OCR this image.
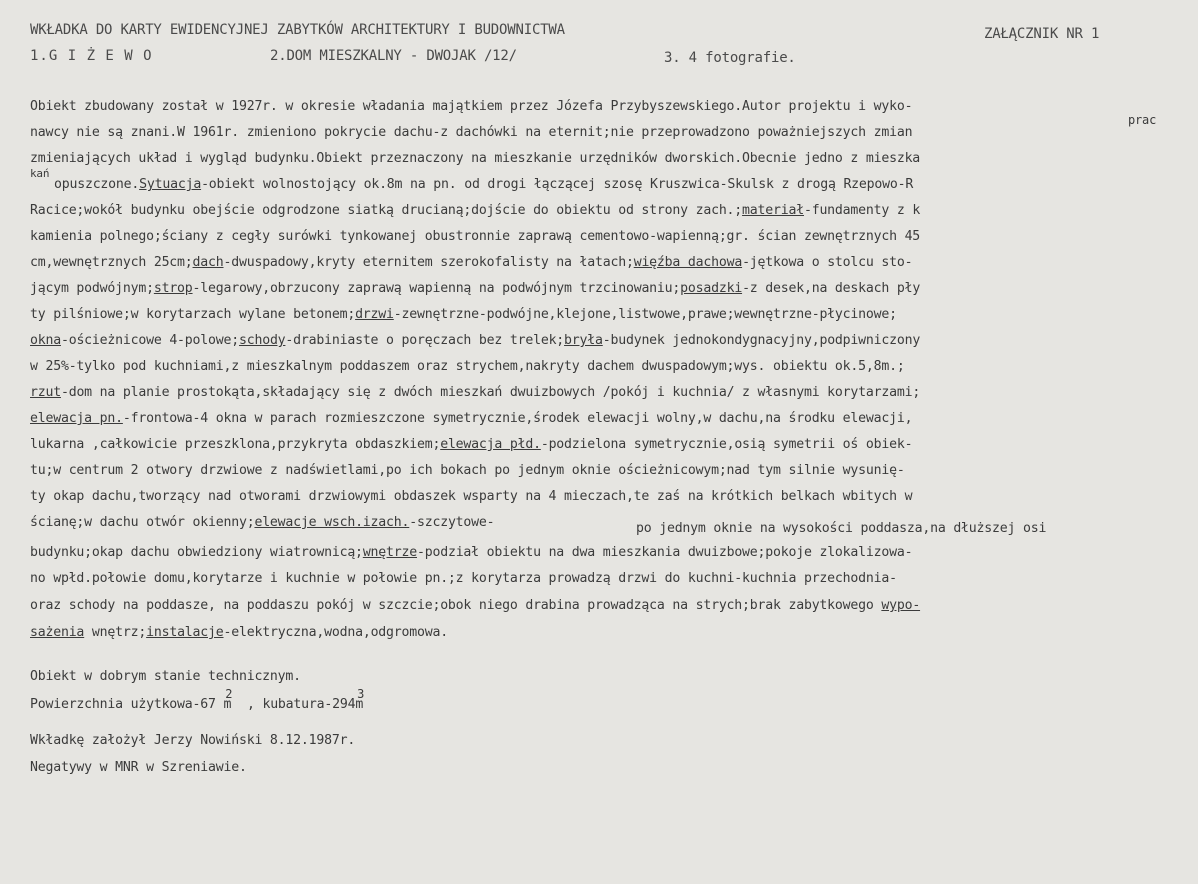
WKŁADKA DO KARTY EWIDENCYJNEJ ZABYTKÓW ARCHITEKTURY I BUDOWNICTWA	ZAŁĄCZNIK NR 1
1.G I Ż E W O	2.DOM MIESZKALNY - DWOJAK /12/	3. 4 fotografie.
Obiekt zbudowany został w 1927r. w okresie władania majątkiem przez Józefa Przybyszewskiego.Autor projektu i wyko-
nawcy nie są znani.W 1961r. zmieniono pokrycie dachu-z dachówki na eternit;nie przeprowadzono poważniejszych zmian
prac
zmieniających układ i wygląd budynku.Obiekt przeznaczony na mieszkanie urzędników dworskich.Obecnie jedno z mieszka
kań
opuszczone.Sytuacja-obiekt wolnostojący ok.8m na pn. od drogi łączącej szosę Kruszwica-Skulsk z drogą Rzepowo-R
Racice;wokół budynku obejście odgrodzone siatką drucianą;dojście do obiektu od strony zach.;materiał-fundamenty z k
kamienia polnego;ściany z cegły surówki tynkowanej obustronnie zaprawą cementowo-wapienną;gr. ścian zewnętrznych 45
cm,wewnętrznych 25cm;dach-dwuspadowy,kryty eternitem szerokofalisty na łatach;więźba dachowa-jętkowa o stolcu sto-
jącym podwójnym;strop-legarowy,obrzucony zaprawą wapienną na podwójnym trzcinowaniu;posadzki-z desek,na deskach pły
ty pilśniowe;w korytarzach wylane betonem;drzwi-zewnętrzne-podwójne,klejone,listwowe,prawe;wewnętrzne-płycinowe;
okna-ościeżnicowe 4-polowe;schody-drabiniaste o poręczach bez trelek;bryła-budynek jednokondygnacyjny,podpiwniczony
w 25%-tylko pod kuchniami,z mieszkalnym poddaszem oraz strychem,nakryty dachem dwuspadowym;wys. obiektu ok.5,8m.;
rzut-dom na planie prostokąta,składający się z dwóch mieszkań dwuizbowych /pokój i kuchnia/ z własnymi korytarzami;
elewacja pn.-frontowa-4 okna w parach rozmieszczone symetrycznie,środek elewacji wolny,w dachu,na środku elewacji,
lukarna ,całkowicie przeszklona,przykryta obdaszkiem;elewacja płd.-podzielona symetrycznie,osią symetrii oś obiek-
tu;w centrum 2 otwory drzwiowe z nadświetlami,po ich bokach po jednym oknie ościeżnicowym;nad tym silnie wysunię-
ty okap dachu,tworzący nad otworami drzwiowymi obdaszek wsparty na 4 mieczach,te zaś na krótkich belkach wbitych w
ścianę;w dachu otwór okienny;elewacje wsch.izach.-szczytowe-	po jednym oknie na wysokości poddasza,na dłuższej osi
budynku;okap dachu obwiedziony wiatrownicą;wnętrze-podział obiektu na dwa mieszkania dwuizbowe;pokoje zlokalizowa-
no wpłd.połowie domu,korytarze i kuchnie w połowie pn.;z korytarza prowadzą drzwi do kuchni-kuchnia przechodnia-
oraz schody na poddasze, na poddaszu pokój w szczcie;obok niego drabina prowadząca na strych;brak zabytkowego wypo-
sażenia wnętrz;instalacje-elektryczna,wodna,odgromowa.
Obiekt w dobrym stanie technicznym.
Powierzchnia użytkowa-67 m
2
, kubatura-294m
3
Wkładkę założył Jerzy Nowiński 8.12.1987r.
Negatywy w MNR w Szreniawie.
